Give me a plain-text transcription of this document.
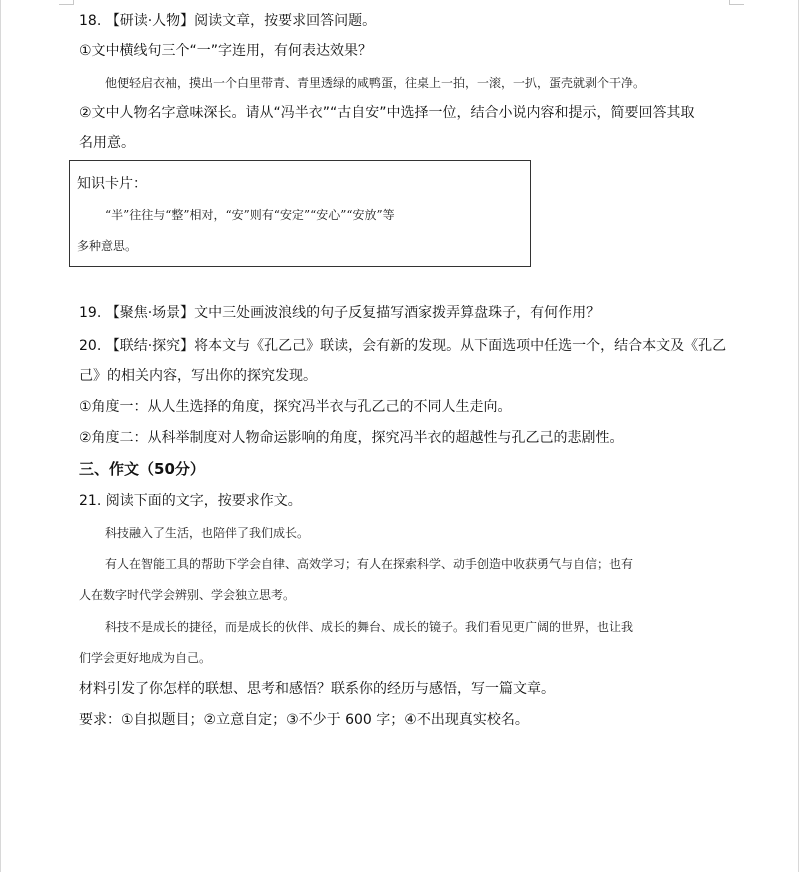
18. 【研读·人物】阅读文章，按要求回答问题。
①文中横线句三个“一”字连用，有何表达效果？
他便轻启衣袖，摸出一个白里带青、青里透绿的咸鸭蛋，往桌上一拍，一滚，一扒，蛋壳就剥个干净。
②文中人物名字意味深长。请从“冯半衣”“古自安”中选择一位，结合小说内容和提示，简要回答其取
名用意。
知识卡片：
“半”往往与“整”相对，“安”则有“安定”“安心”“安放”等
多种意思。
19. 【聚焦·场景】文中三处画波浪线的句子反复描写酒家拨弄算盘珠子，有何作用？
20. 【联结·探究】将本文与《孔乙己》联读，会有新的发现。从下面选项中任选一个，结合本文及《孔乙
己》的相关内容，写出你的探究发现。
①角度一：从人生选择的角度，探究冯半衣与孔乙己的不同人生走向。
②角度二：从科举制度对人物命运影响的角度，探究冯半衣的超越性与孔乙己的悲剧性。
三、作文（50分）
21. 阅读下面的文字，按要求作文。
科技融入了生活，也陪伴了我们成长。
有人在智能工具的帮助下学会自律、高效学习；有人在探索科学、动手创造中收获勇气与自信；也有
人在数字时代学会辨别、学会独立思考。
科技不是成长的捷径，而是成长的伙伴、成长的舞台、成长的镜子。我们看见更广阔的世界，也让我
们学会更好地成为自己。
材料引发了你怎样的联想、思考和感悟？联系你的经历与感悟，写一篇文章。
要求：①自拟题目；②立意自定；③不少于 600 字；④不出现真实校名。
